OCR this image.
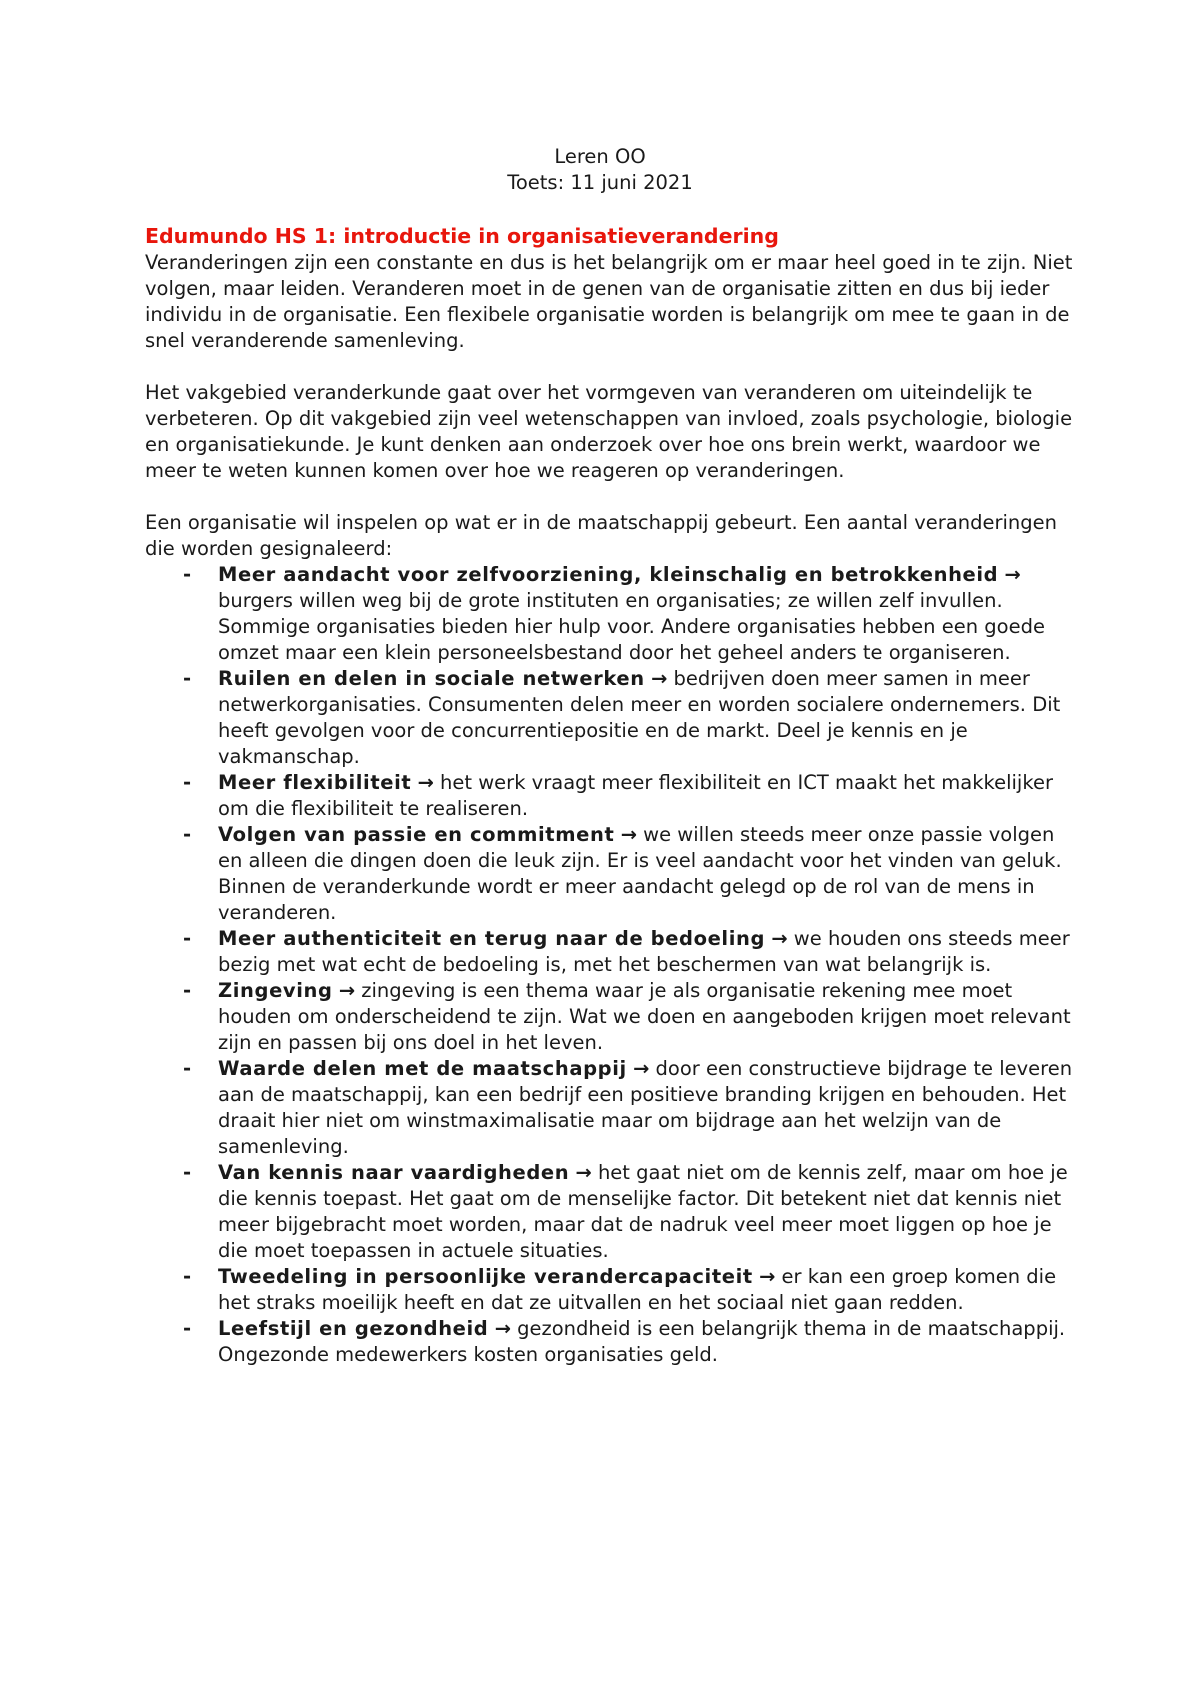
Leren OO
Toets: 11 juni 2021
Edumundo HS 1: introductie in organisatieverandering

Veranderingen zijn een constante en dus is het belangrijk om er maar heel goed in te zijn. Niet volgen, maar leiden. Veranderen moet in de genen van de organisatie zitten en dus bij ieder individu in de organisatie. Een flexibele organisatie worden is belangrijk om mee te gaan in de snel veranderende samenleving.

Het vakgebied veranderkunde gaat over het vormgeven van veranderen om uiteindelijk te verbeteren. Op dit vakgebied zijn veel wetenschappen van invloed, zoals psychologie, biologie en organisatiekunde. Je kunt denken aan onderzoek over hoe ons brein werkt, waardoor we meer te weten kunnen komen over hoe we reageren op veranderingen.

Een organisatie wil inspelen op wat er in de maatschappij gebeurt. Een aantal veranderingen die worden gesignaleerd:

- Meer aandacht voor zelfvoorziening, kleinschalig en betrokkenheid → burgers willen weg bij de grote instituten en organisaties; ze willen zelf invullen. Sommige organisaties bieden hier hulp voor. Andere organisaties hebben een goede omzet maar een klein personeelsbestand door het geheel anders te organiseren.
- Ruilen en delen in sociale netwerken → bedrijven doen meer samen in meer netwerkorganisaties. Consumenten delen meer en worden socialere ondernemers. Dit heeft gevolgen voor de concurrentiepositie en de markt. Deel je kennis en je vakmanschap.
- Meer flexibiliteit → het werk vraagt meer flexibiliteit en ICT maakt het makkelijker om die flexibiliteit te realiseren.
- Volgen van passie en commitment → we willen steeds meer onze passie volgen en alleen die dingen doen die leuk zijn. Er is veel aandacht voor het vinden van geluk. Binnen de veranderkunde wordt er meer aandacht gelegd op de rol van de mens in veranderen.
- Meer authenticiteit en terug naar de bedoeling → we houden ons steeds meer bezig met wat echt de bedoeling is, met het beschermen van wat belangrijk is.
- Zingeving → zingeving is een thema waar je als organisatie rekening mee moet houden om onderscheidend te zijn. Wat we doen en aangeboden krijgen moet relevant zijn en passen bij ons doel in het leven.
- Waarde delen met de maatschappij → door een constructieve bijdrage te leveren aan de maatschappij, kan een bedrijf een positieve branding krijgen en behouden. Het draait hier niet om winstmaximalisatie maar om bijdrage aan het welzijn van de samenleving.
- Van kennis naar vaardigheden → het gaat niet om de kennis zelf, maar om hoe je die kennis toepast. Het gaat om de menselijke factor. Dit betekent niet dat kennis niet meer bijgebracht moet worden, maar dat de nadruk veel meer moet liggen op hoe je die moet toepassen in actuele situaties.
- Tweedeling in persoonlijke verandercapaciteit → er kan een groep komen die het straks moeilijk heeft en dat ze uitvallen en het sociaal niet gaan redden.
- Leefstijl en gezondheid → gezondheid is een belangrijk thema in de maatschappij. Ongezonde medewerkers kosten organisaties geld.
